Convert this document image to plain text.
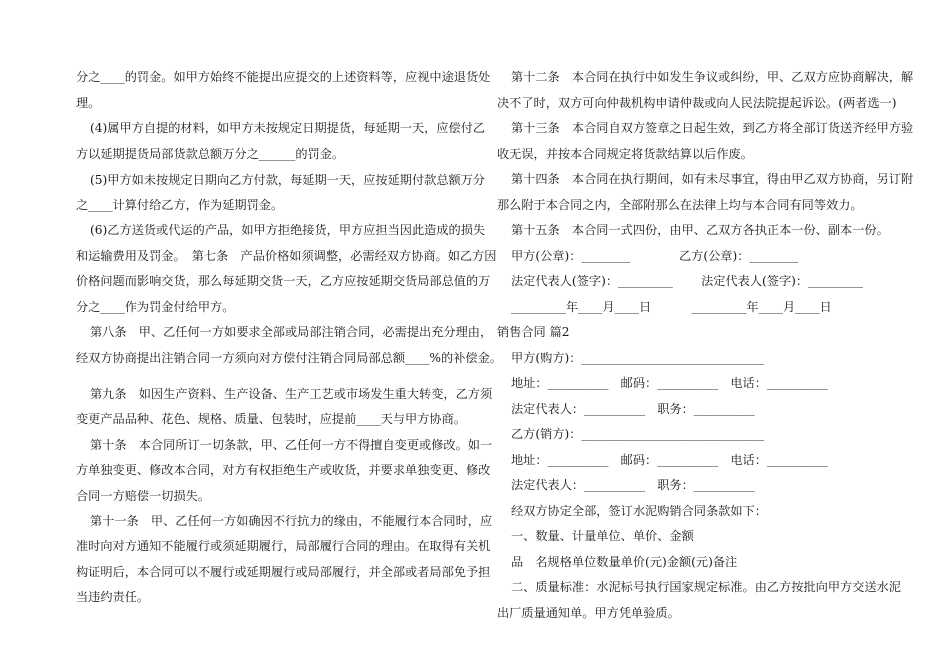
分之____的罚金。如甲方始终不能提出应提交的上述资料等，应视中途退货处
理。
(4)属甲方自提的材料，如甲方未按规定日期提货，每延期一天，应偿付乙
方以延期提货局部货款总额万分之______的罚金。
(5)甲方如未按规定日期向乙方付款，每延期一天，应按延期付款总额万分
之____计算付给乙方，作为延期罚金。
(6)乙方送货或代运的产品，如甲方拒绝接货，甲方应担当因此造成的损失
和运输费用及罚金。　第七条　产品价格如须调整，必需经双方协商。如乙方因
价格问题而影响交货，那么每延期交货一天，乙方应按延期交货局部总值的万
分之____作为罚金付给甲方。
第八条　甲、乙任何一方如要求全部或局部注销合同，必需提出充分理由，
经双方协商提出注销合同一方须向对方偿付注销合同局部总额____%的补偿金。
第九条　如因生产资料、生产设备、生产工艺或市场发生重大转变，乙方须
变更产品品种、花色、规格、质量、包装时，应提前____天与甲方协商。
第十条　本合同所订一切条款，甲、乙任何一方不得擅自变更或修改。如一
方单独变更、修改本合同，对方有权拒绝生产或收货，并要求单独变更、修改
合同一方赔偿一切损失。
第十一条　甲、乙任何一方如确因不行抗力的缘由，不能履行本合同时，应
准时向对方通知不能履行或须延期履行，局部履行合同的理由。在取得有关机
构证明后，本合同可以不履行或延期履行或局部履行，并全部或者局部免予担
当违约责任。
第十二条　本合同在执行中如发生争议或纠纷，甲、乙双方应协商解决，解
决不了时，双方可向仲裁机构申请仲裁或向人民法院提起诉讼。(两者选一)
第十三条　本合同自双方签章之日起生效，到乙方将全部订货送齐经甲方验
收无误，并按本合同规定将货款结算以后作废。
第十四条　本合同在执行期间，如有未尽事宜，得由甲乙双方协商，另订附
那么附于本合同之内，全部附那么在法律上均与本合同有同等效力。
第十五条　本合同一式四份，由甲、乙双方各执正本一份、副本一份。
甲方(公章)：________　　　　乙方(公章)：________
法定代表人(签字)：_________　　 法定代表人(签字)：_________
_________年____月____日　　　 _________年____月____日
销售合同 篇2
甲方(购方)：______________________________
地址：__________　邮码：__________　电话：__________
法定代表人：__________　职务：__________
乙方(销方)：______________________________
地址：__________　邮码：__________　电话：__________
法定代表人：__________　职务：__________
经双方协定全部，签订水泥购销合同条款如下：
一、数量、计量单位、单价、金额
品　名规格单位数量单价(元)金额(元)备注
二、质量标准：水泥标号执行国家规定标准。由乙方按批向甲方交送水泥
出厂质量通知单。甲方凭单验质。
